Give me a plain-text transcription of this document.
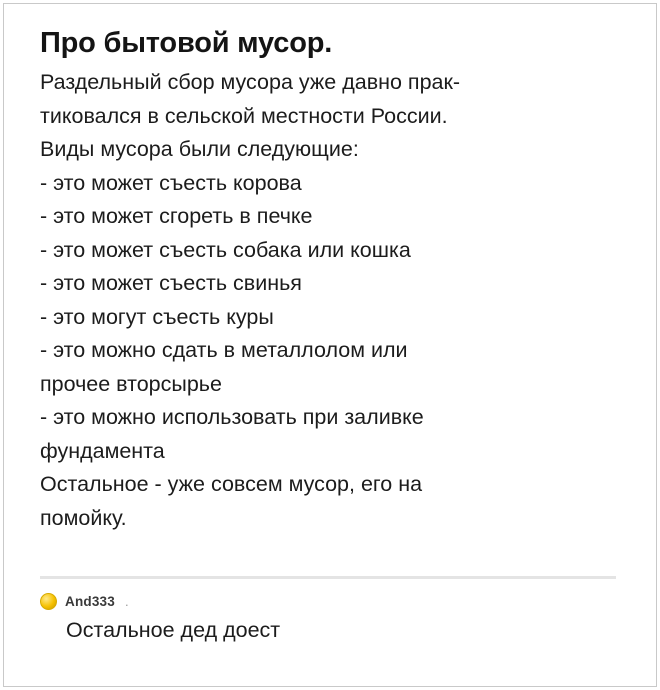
Про бытовой мусор.
Раздельный сбор мусора уже давно прак-
тиковался в сельской местности России.
Виды мусора были следующие:
- это может съесть корова
- это может сгореть в печке
- это может съесть собака или кошка
- это может съесть свинья
- это могут съесть куры
- это можно сдать в металлолом или
прочее вторсырье
- это можно использовать при заливке
фундамента
Остальное - уже совсем мусор, его на
помойку.
And333 .
Остальное дед доест
